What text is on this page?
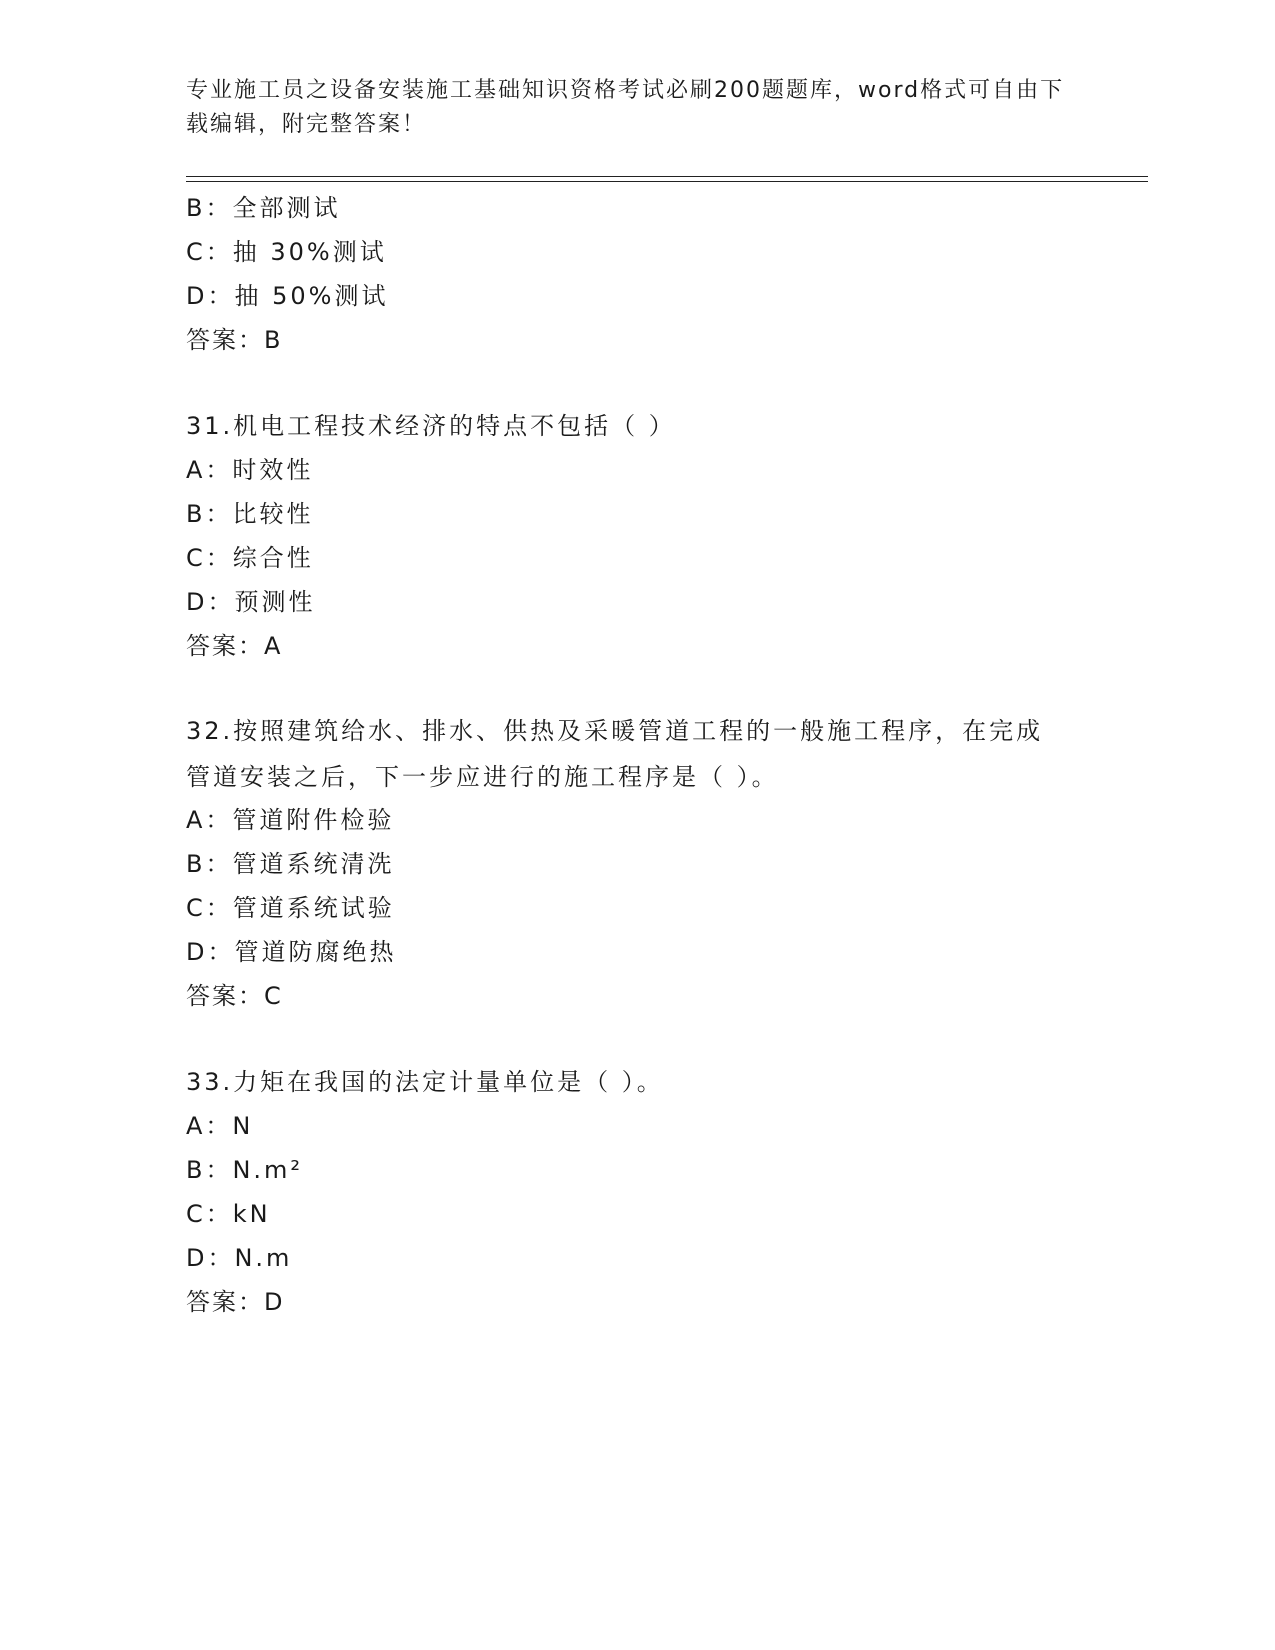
专业施工员之设备安装施工基础知识资格考试必刷200题题库，word格式可自由下载编辑，附完整答案！
B：全部测试
C：抽 30%测试
D：抽 50%测试
答案：B
31.机电工程技术经济的特点不包括（ ）
A：时效性
B：比较性
C：综合性
D：预测性
答案：A
32.按照建筑给水、排水、供热及采暖管道工程的一般施工程序，在完成管道安装之后，下一步应进行的施工程序是（ ）。
A：管道附件检验
B：管道系统清洗
C：管道系统试验
D：管道防腐绝热
答案：C
33.力矩在我国的法定计量单位是（ ）。
A：N
B：N.m²
C：kN
D：N.m
答案：D
